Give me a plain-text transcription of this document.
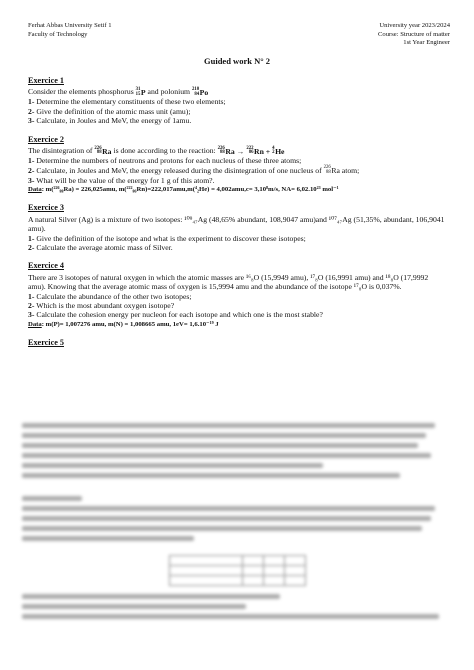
Ferhat Abbas University Setif 1
Faculty of Technology
University year 2023/2024
Course: Structure of matter
1st Year Engineer
Guided work N° 2
Exercice 1
Consider the elements phosphorus 31
15 P and polonium 210
84 Po
1- Determine the elementary constituents of these two elements;
2- Give the definition of the atomic mass unit (amu);
3- Calculate, in Joules and MeV, the energy of 1amu.
Exercice 2
The disintegration of 226
88 Ra is done according to the reaction: 226
88 Ra → 222
86 Rn + 4
2 He
1- Determine the numbers of neutrons and protons for each nucleus of these three atoms;
2- Calculate, in Joules and MeV, the energy released during the disintegration of one nucleus of 226
88 Ra atom;
3- What will be the value of the energy for 1 g of this atom?.
Data: m(²²⁶₈₈Ra) = 226,025amu, m(²²²₈₆Rn)=222,017amu,m(⁴₂He) = 4,002amu,c= 3,10⁸m/s, NA= 6,02.10²³ mol⁻¹
Exercice 3
A natural Silver (Ag) is a mixture of two isotopes: ¹⁰⁹₄₇Ag (48,65% abundant, 108,9047 amu)and ¹⁰⁷₄₇Ag (51,35%, abundant, 106,9041 amu).
1- Give the definition of the isotope and what is the experiment to discover these isotopes;
2- Calculate the average atomic mass of Silver.
Exercice 4
There are 3 isotopes of natural oxygen in which the atomic masses are ¹⁶₈O (15,9949 amu), ¹⁷₈O (16,9991 amu) and ¹⁸₈O (17,9992 amu). Knowing that the average atomic mass of oxygen is 15,9994 amu and the abundance of the isotope ¹⁷₈O is 0,037%.
1- Calculate the abundance of the other two isotopes;
2- Which is the most abundant oxygen isotope?
3- Calculate the cohesion energy per nucleon for each isotope and which one is the most stable?
Data: m(P)= 1,007276 amu, m(N) = 1,008665 amu, 1eV= 1,6.10⁻¹⁹ J
Exercice 5
